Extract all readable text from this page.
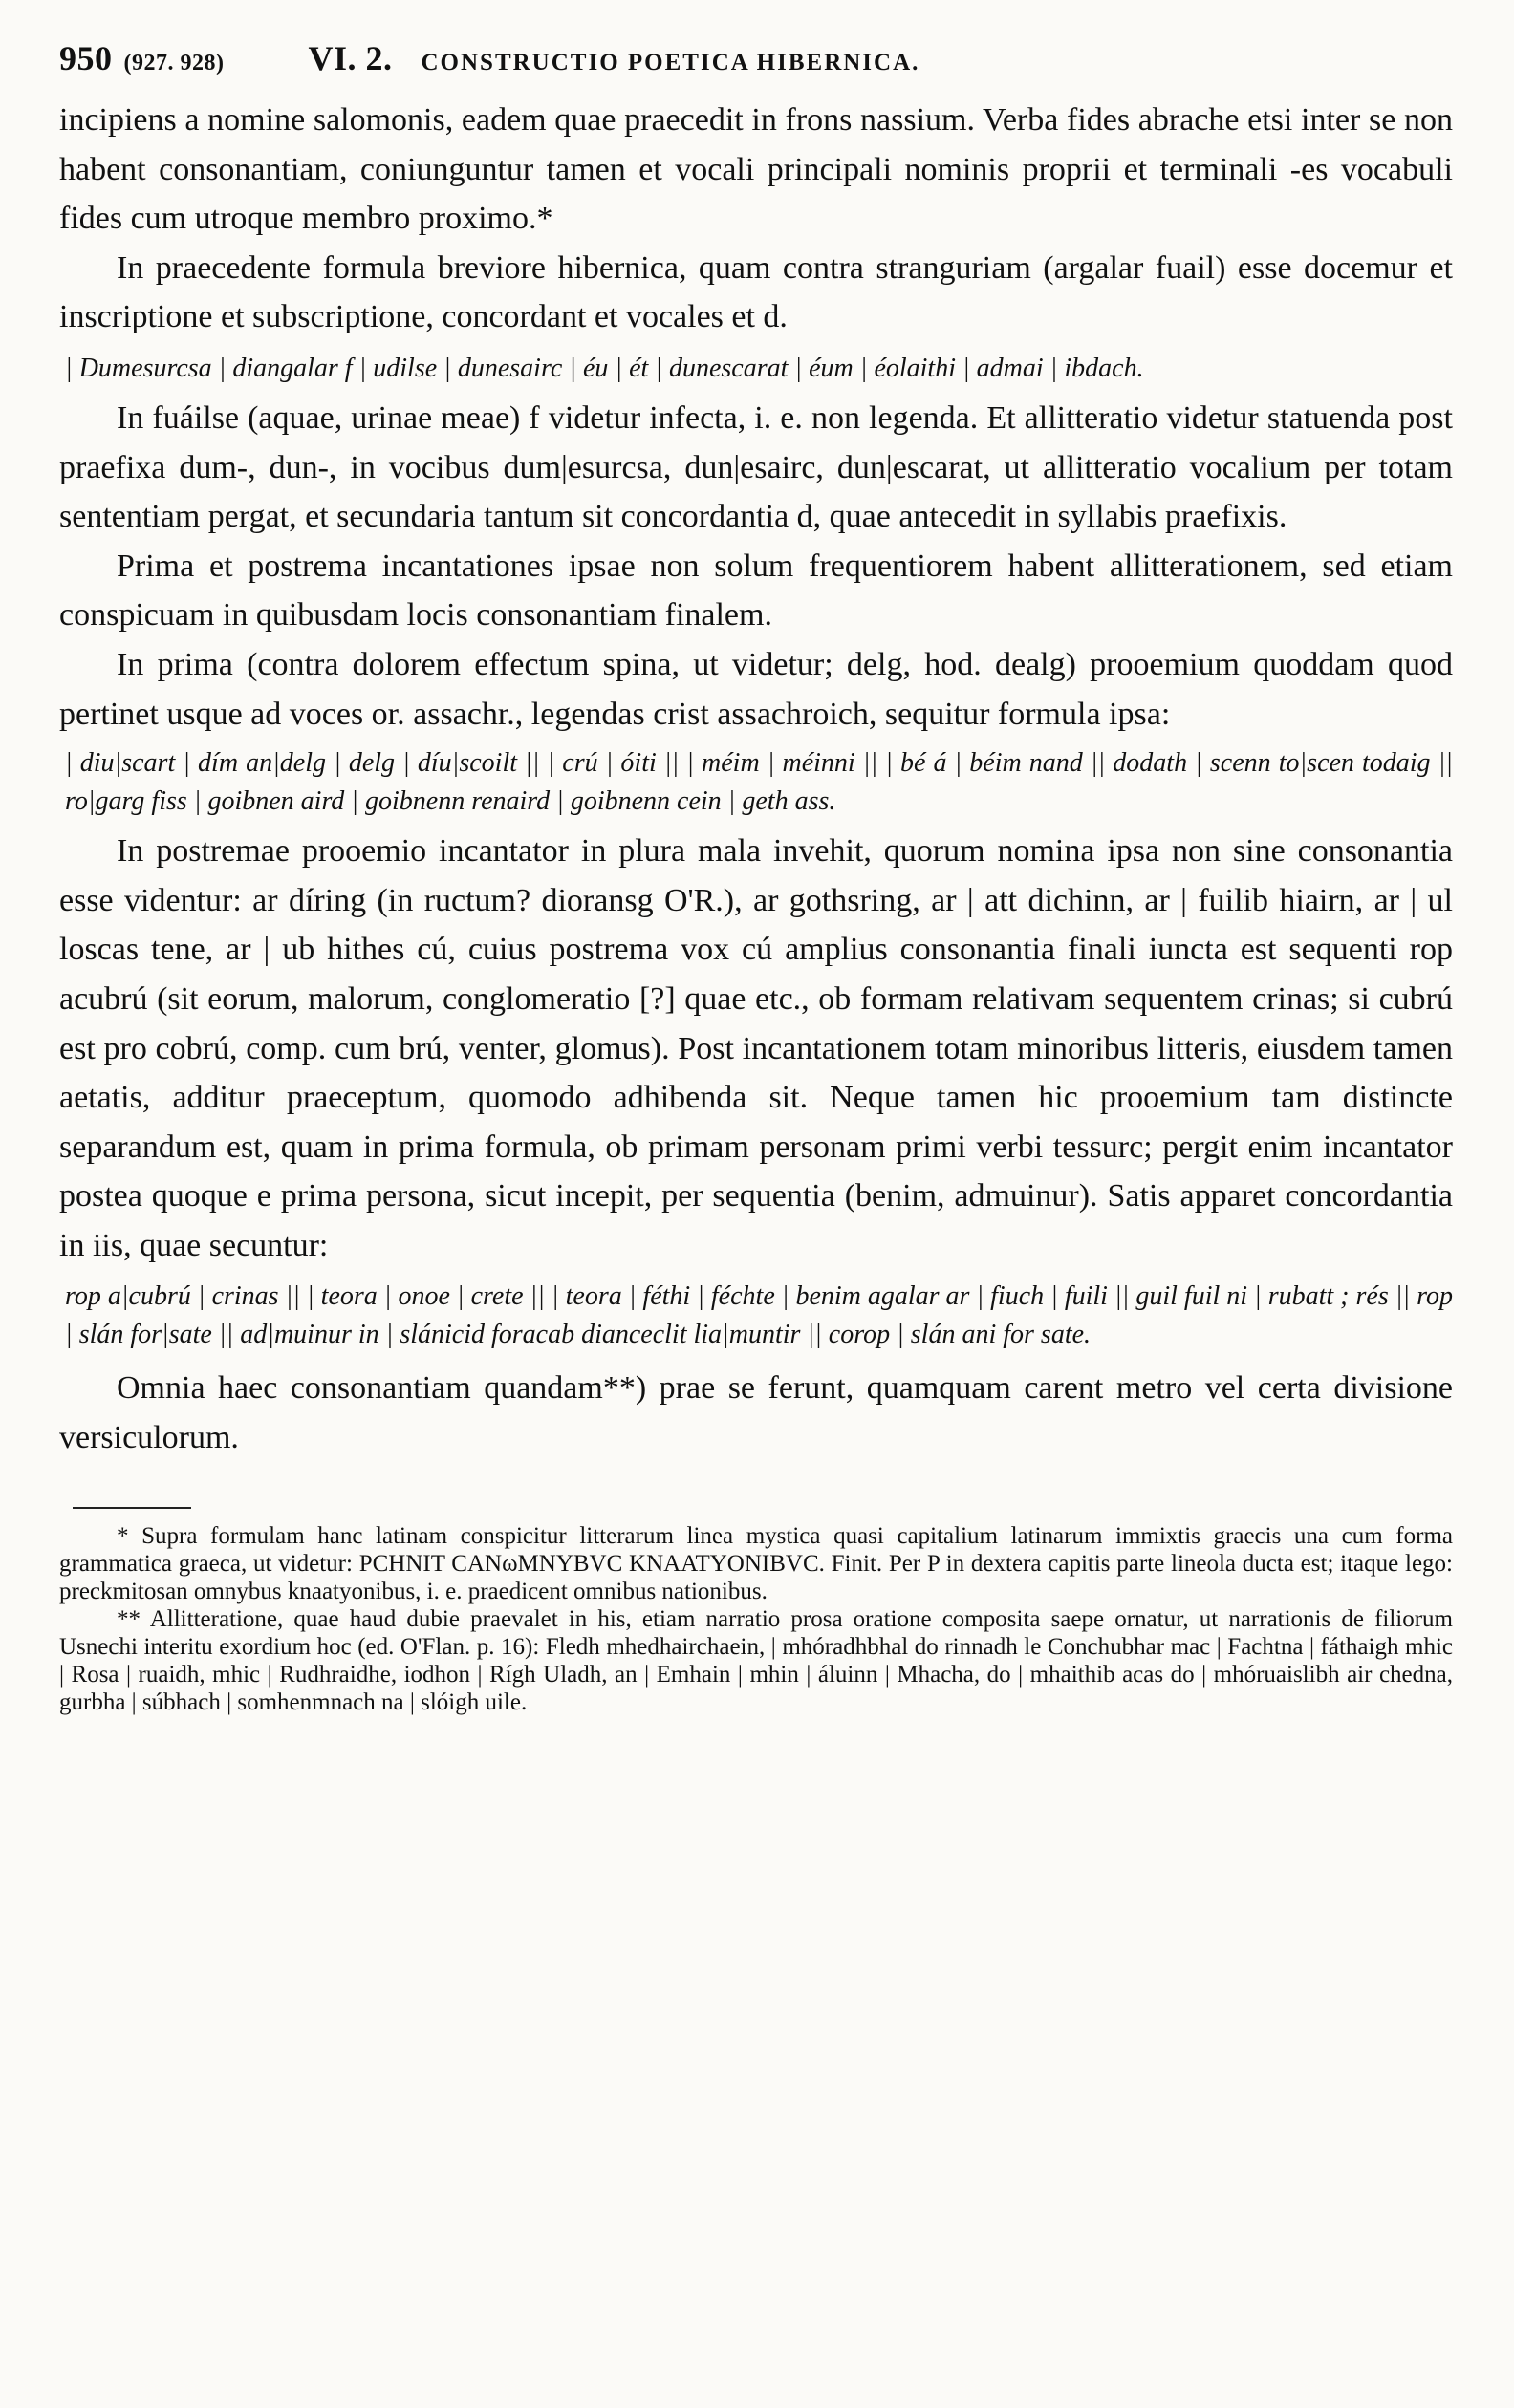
950 (927. 928) VI. 2. CONSTRUCTIO POETICA HIBERNICA.

incipiens a nomine salomonis, eadem quae praecedit in frons nassium. Verba fides abrache etsi inter se non habent consonantiam, coniunguntur tamen et vocali principali nominis proprii et terminali -es vocabuli fides cum utroque membro proximo.*

In praecedente formula breviore hibernica, quam contra stranguriam (argalar fuail) esse docemur et inscriptione et subscriptione, concordant et vocales et d.

| Dumesurcsa | diangalar f | udilse | dunesairc | éu | ét | dunescarat | éum | éolaithi | admai | ibdach.

In fuáilse (aquae, urinae meae) f videtur infecta, i. e. non legenda. Et allitteratio videtur statuenda post praefixa dum-, dun-, in vocibus dum|esurcsa, dun|esairc, dun|escarat, ut allitteratio vocalium per totam sententiam pergat, et secundaria tantum sit concordantia d, quae antecedit in syllabis praefixis.

Prima et postrema incantationes ipsae non solum frequentiorem habent allitterationem, sed etiam conspicuam in quibusdam locis consonantiam finalem.

In prima (contra dolorem effectum spina, ut videtur; delg, hod. dealg) prooemium quoddam quod pertinet usque ad voces or. assachr., legendas crist assachroich, sequitur formula ipsa:

| diu|scart | dím an|delg | delg | díu|scoilt || | crú | óiti || | méim | méinni || | bé á | béim nand || dodath | scenn to|scen todaig || ro|garg fiss | goibnen aird | goibnenn renaird | goibnenn cein | geth ass.

In postremae prooemio incantator in plura mala invehit, quorum nomina ipsa non sine consonantia esse videntur: ar díring (in ructum? dioransg O'R.), ar gothsring, ar | att dichinn, ar | fuilib hiairn, ar | ul loscas tene, ar | ub hithes cú, cuius postrema vox cú amplius consonantia finali iuncta est sequenti rop acubrú (sit eorum, malorum, conglomeratio [?] quae etc., ob formam relativam sequentem crinas; si cubrú est pro cobrú, comp. cum brú, venter, glomus). Post incantationem totam minoribus litteris, eiusdem tamen aetatis, additur praeceptum, quomodo adhibenda sit. Neque tamen hic prooemium tam distincte separandum est, quam in prima formula, ob primam personam primi verbi tessurc; pergit enim incantator postea quoque e prima persona, sicut incepit, per sequentia (benim, admuinur). Satis apparet concordantia in iis, quae secuntur:

rop a|cubrú | crinas || | teora | onoe | crete || | teora | féthi | féchte | benim agalar ar | fiuch | fuili || guil fuil ni | rubatt ; rés || rop | slán for|sate || ad|muinur in | slánicid foracab dianceclit lia|muntir || corop | slán ani for sate.

Omnia haec consonantiam quandam**) prae se ferunt, quamquam carent metro vel certa divisione versiculorum.

* Supra formulam hanc latinam conspicitur litterarum linea mystica quasi capitalium latinarum immixtis graecis una cum forma grammatica graeca, ut videtur: PCHNIT CANωMNYBVC KNAATYONIBVC. Finit. Per P in dextera capitis parte lineola ducta est; itaque lego: preckmitosan omnybus knaatyonibus, i. e. praedicent omnibus nationibus.

** Allitteratione, quae haud dubie praevalet in his, etiam narratio prosa oratione composita saepe ornatur, ut narrationis de filiorum Usnechi interitu exordium hoc (ed. O'Flan. p. 16): Fledh mhedhairchaein, | mhóradhbhal do rinnadh le Conchubhar mac | Fachtna | fáthaigh mhic | Rosa | ruaidh, mhic | Rudhraidhe, iodhon | Rígh Uladh, an | Emhain | mhin | áluinn | Mhacha, do | mhaithib acas do | mhóruaislibh air chedna, gurbha | súbhach | somhenmnach na | slóigh uile.
